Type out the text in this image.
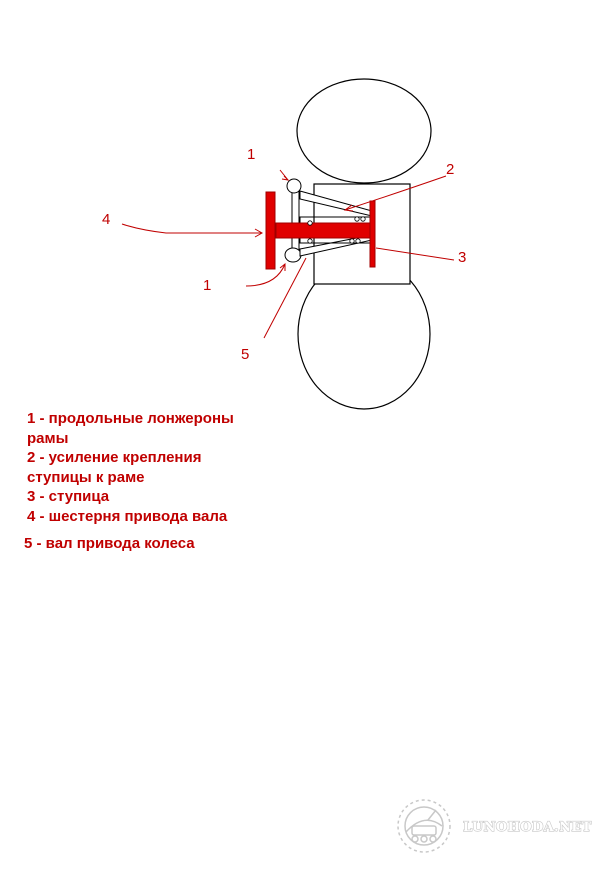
1
2
3
4
1
5

1 - продольные лонжероны
рамы

2 - усиление крепления
ступицы к раме

3 - ступица

4 - шестерня привода вала

5 - вал привода колеса

LUNOHODA.NET
